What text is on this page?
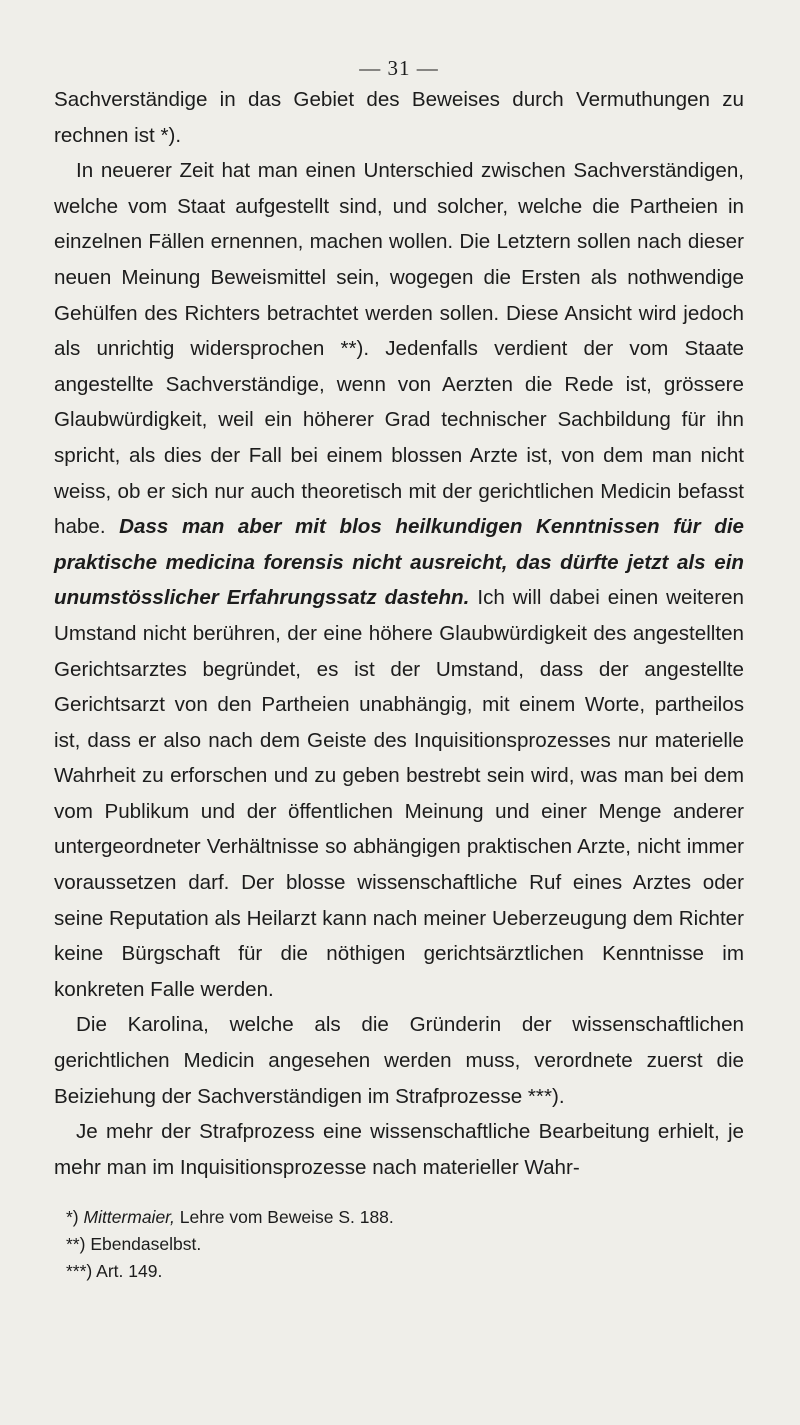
— 31 —

Sachverständige in das Gebiet des Beweises durch Vermuthungen zu rechnen ist *).

In neuerer Zeit hat man einen Unterschied zwischen Sachverständigen, welche vom Staat aufgestellt sind, und solcher, welche die Partheien in einzelnen Fällen ernennen, machen wollen. Die Letztern sollen nach dieser neuen Meinung Beweismittel sein, wogegen die Ersten als nothwendige Gehülfen des Richters betrachtet werden sollen. Diese Ansicht wird jedoch als unrichtig widersprochen **). Jedenfalls verdient der vom Staate angestellte Sachverständige, wenn von Aerzten die Rede ist, grössere Glaubwürdigkeit, weil ein höherer Grad technischer Sachbildung für ihn spricht, als dies der Fall bei einem blossen Arzte ist, von dem man nicht weiss, ob er sich nur auch theoretisch mit der gerichtlichen Medicin befasst habe. Dass man aber mit blos heilkundigen Kenntnissen für die praktische medicina forensis nicht ausreicht, das dürfte jetzt als ein unumstösslicher Erfahrungssatz dastehn. Ich will dabei einen weiteren Umstand nicht berühren, der eine höhere Glaubwürdigkeit des angestellten Gerichtsarztes begründet, es ist der Umstand, dass der angestellte Gerichtsarzt von den Partheien unabhängig, mit einem Worte, partheilos ist, dass er also nach dem Geiste des Inquisitionsprozesses nur materielle Wahrheit zu erforschen und zu geben bestrebt sein wird, was man bei dem vom Publikum und der öffentlichen Meinung und einer Menge anderer untergeordneter Verhältnisse so abhängigen praktischen Arzte, nicht immer voraussetzen darf. Der blosse wissenschaftliche Ruf eines Arztes oder seine Reputation als Heilarzt kann nach meiner Ueberzeugung dem Richter keine Bürgschaft für die nöthigen gerichtsärztlichen Kenntnisse im konkreten Falle werden.

Die Karolina, welche als die Gründerin der wissenschaftlichen gerichtlichen Medicin angesehen werden muss, verordnete zuerst die Beiziehung der Sachverständigen im Strafprozesse ***).

Je mehr der Strafprozess eine wissenschaftliche Bearbeitung erhielt, je mehr man im Inquisitionsprozesse nach materieller Wahr-

*) Mittermaier, Lehre vom Beweise S. 188.
**) Ebendaselbst.
***) Art. 149.
